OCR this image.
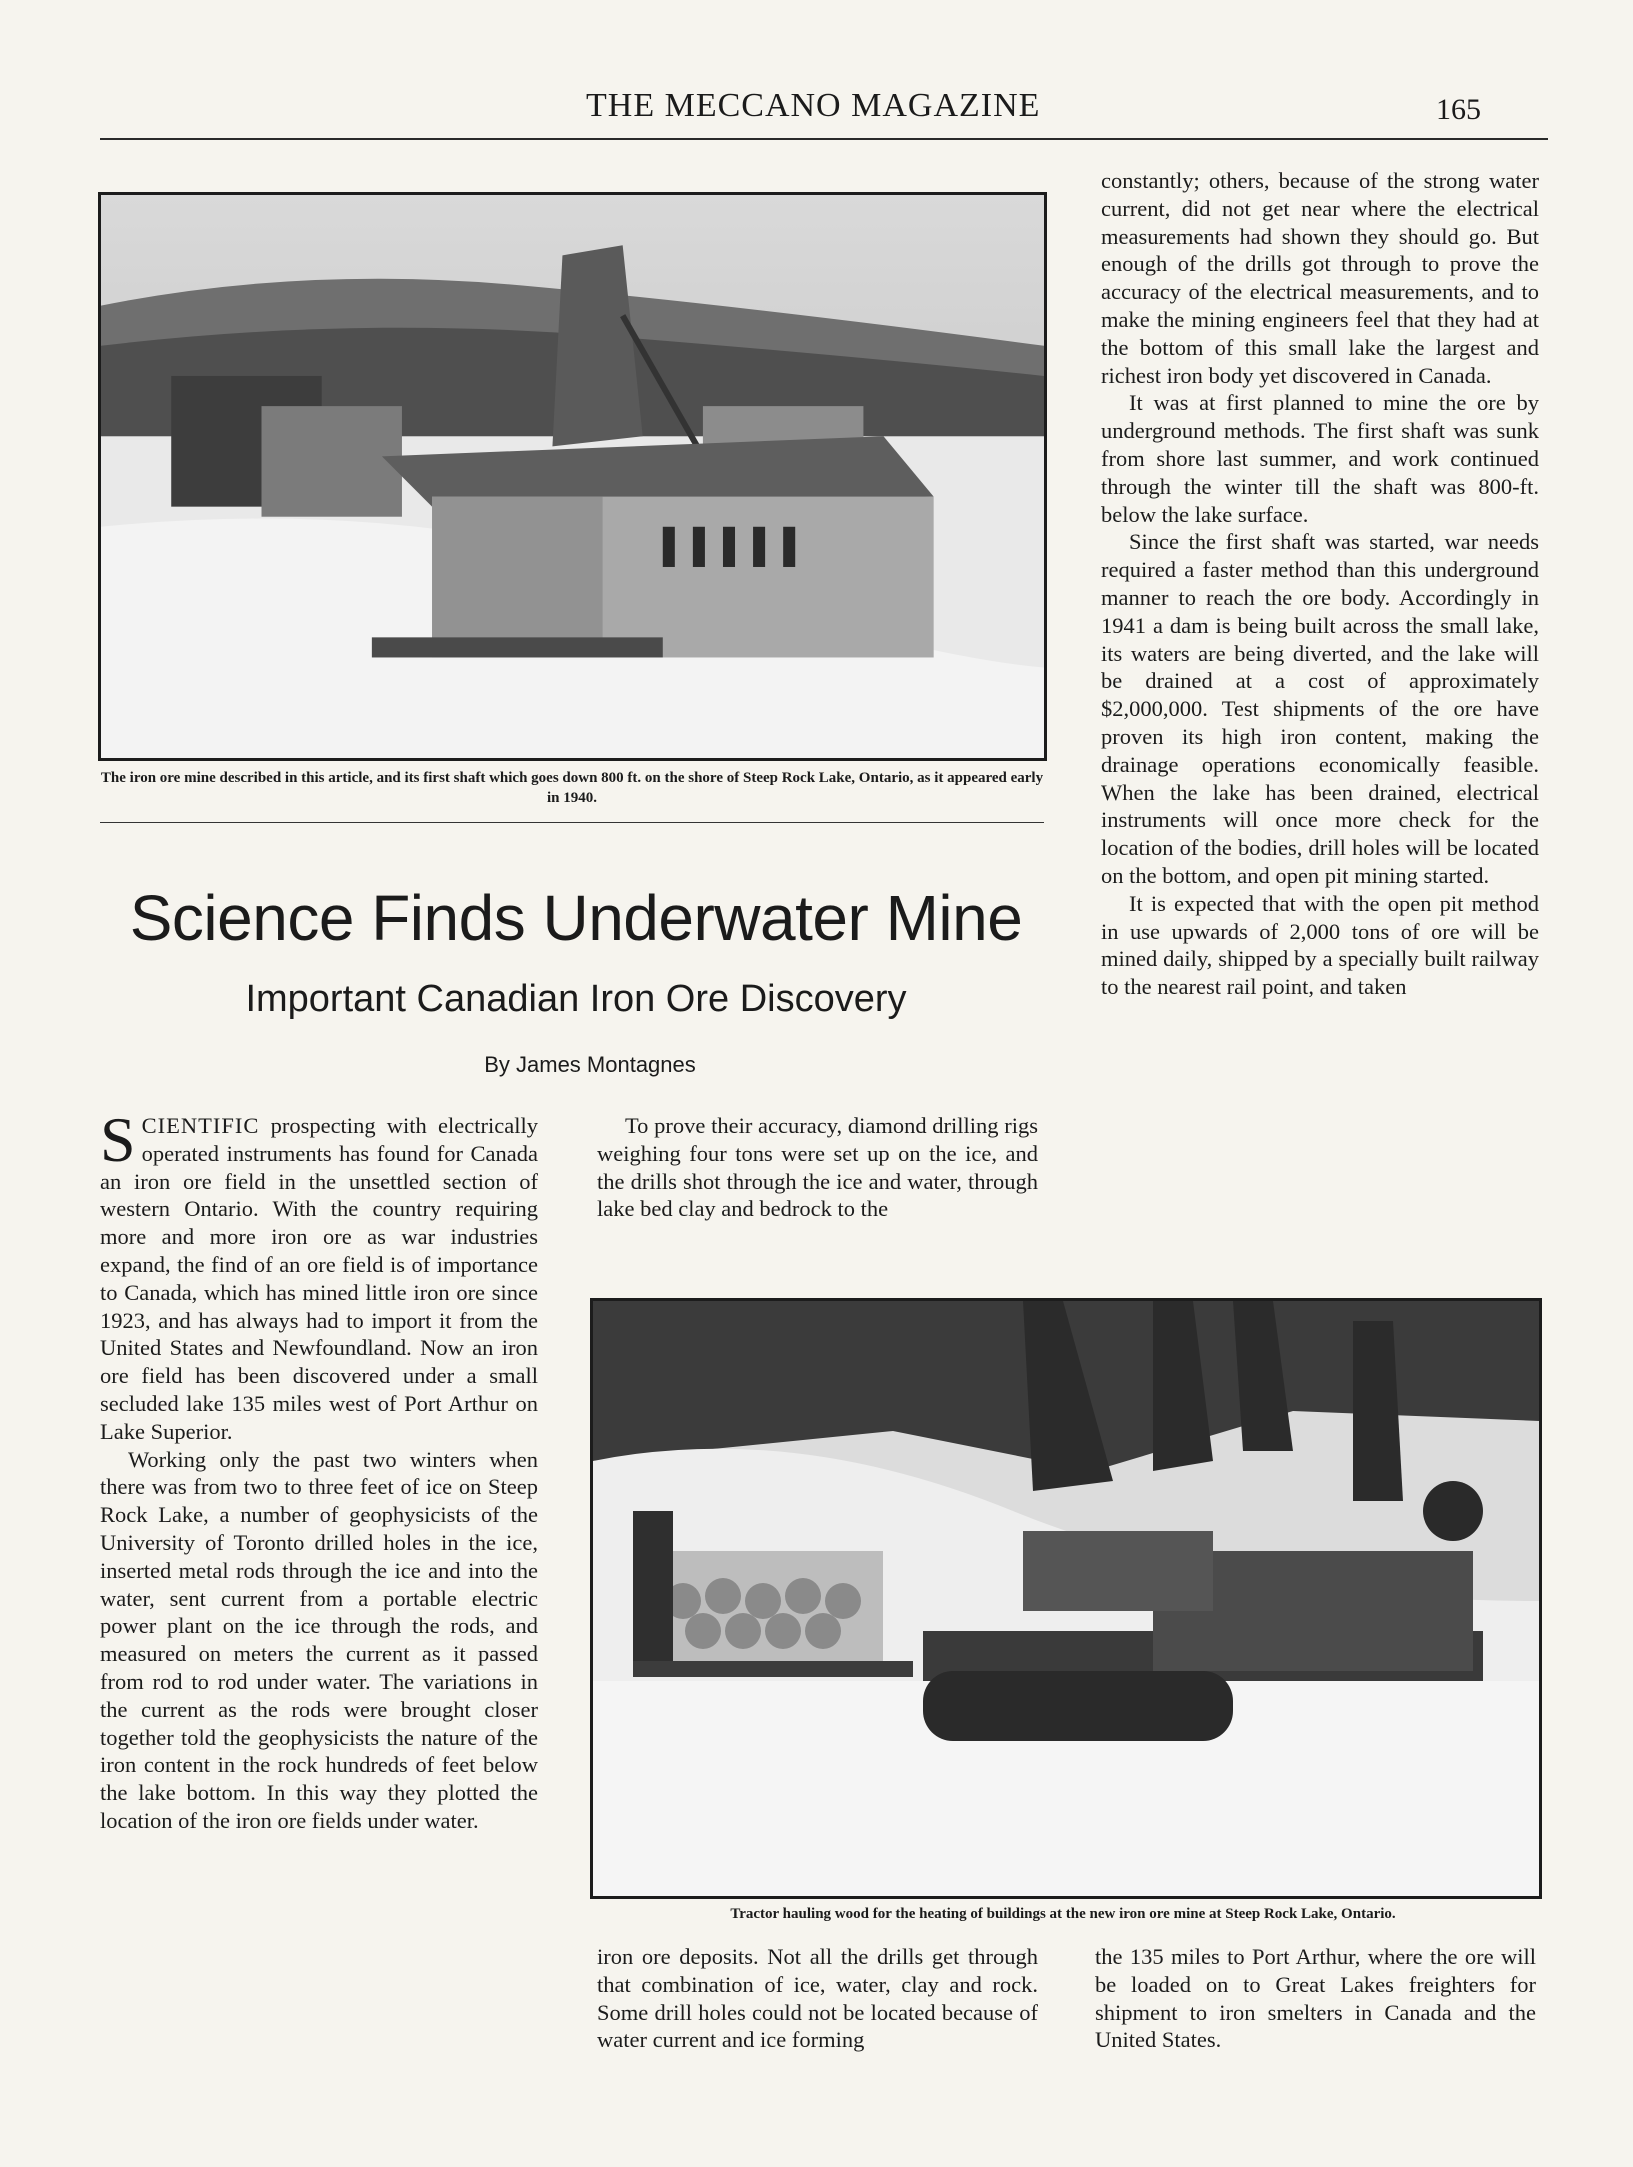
THE MECCANO MAGAZINE	165
The iron ore mine described in this article, and its first shaft which goes down 800 ft. on the shore of Steep Rock Lake, Ontario, as it appeared early in 1940.
Science Finds Underwater Mine
Important Canadian Iron Ore Discovery
By James Montagnes

SCIENTIFIC prospecting with electrically operated instruments has found for Canada an iron ore field in the unsettled section of western Ontario. With the country requiring more and more iron ore as war industries expand, the find of an ore field is of importance to Canada, which has mined little iron ore since 1923, and has always had to import it from the United States and Newfoundland. Now an iron ore field has been discovered under a small secluded lake 135 miles west of Port Arthur on Lake Superior.

Working only the past two winters when there was from two to three feet of ice on Steep Rock Lake, a number of geophysicists of the University of Toronto drilled holes in the ice, inserted metal rods through the ice and into the water, sent current from a portable electric power plant on the ice through the rods, and measured on meters the current as it passed from rod to rod under water. The variations in the current as the rods were brought closer together told the geophysicists the nature of the iron content in the rock hundreds of feet below the lake bottom. In this way they plotted the location of the iron ore fields under water.

To prove their accuracy, diamond drilling rigs weighing four tons were set up on the ice, and the drills shot through the ice and water, through lake bed clay and bedrock to the

constantly; others, because of the strong water current, did not get near where the electrical measurements had shown they should go. But enough of the drills got through to prove the accuracy of the electrical measurements, and to make the mining engineers feel that they had at the bottom of this small lake the largest and richest iron body yet discovered in Canada.

It was at first planned to mine the ore by underground methods. The first shaft was sunk from shore last summer, and work continued through the winter till the shaft was 800-ft. below the lake surface.

Since the first shaft was started, war needs required a faster method than this underground manner to reach the ore body. Accordingly in 1941 a dam is being built across the small lake, its waters are being diverted, and the lake will be drained at a cost of approximately $2,000,000. Test shipments of the ore have proven its high iron content, making the drainage operations economically feasible. When the lake has been drained, electrical instruments will once more check for the location of the bodies, drill holes will be located on the bottom, and open pit mining started.

It is expected that with the open pit method in use upwards of 2,000 tons of ore will be mined daily, shipped by a specially built railway to the nearest rail point, and taken

Tractor hauling wood for the heating of buildings at the new iron ore mine at Steep Rock Lake, Ontario.

iron ore deposits. Not all the drills get through that combination of ice, water, clay and rock. Some drill holes could not be located because of water current and ice forming

the 135 miles to Port Arthur, where the ore will be loaded on to Great Lakes freighters for shipment to iron smelters in Canada and the United States.
